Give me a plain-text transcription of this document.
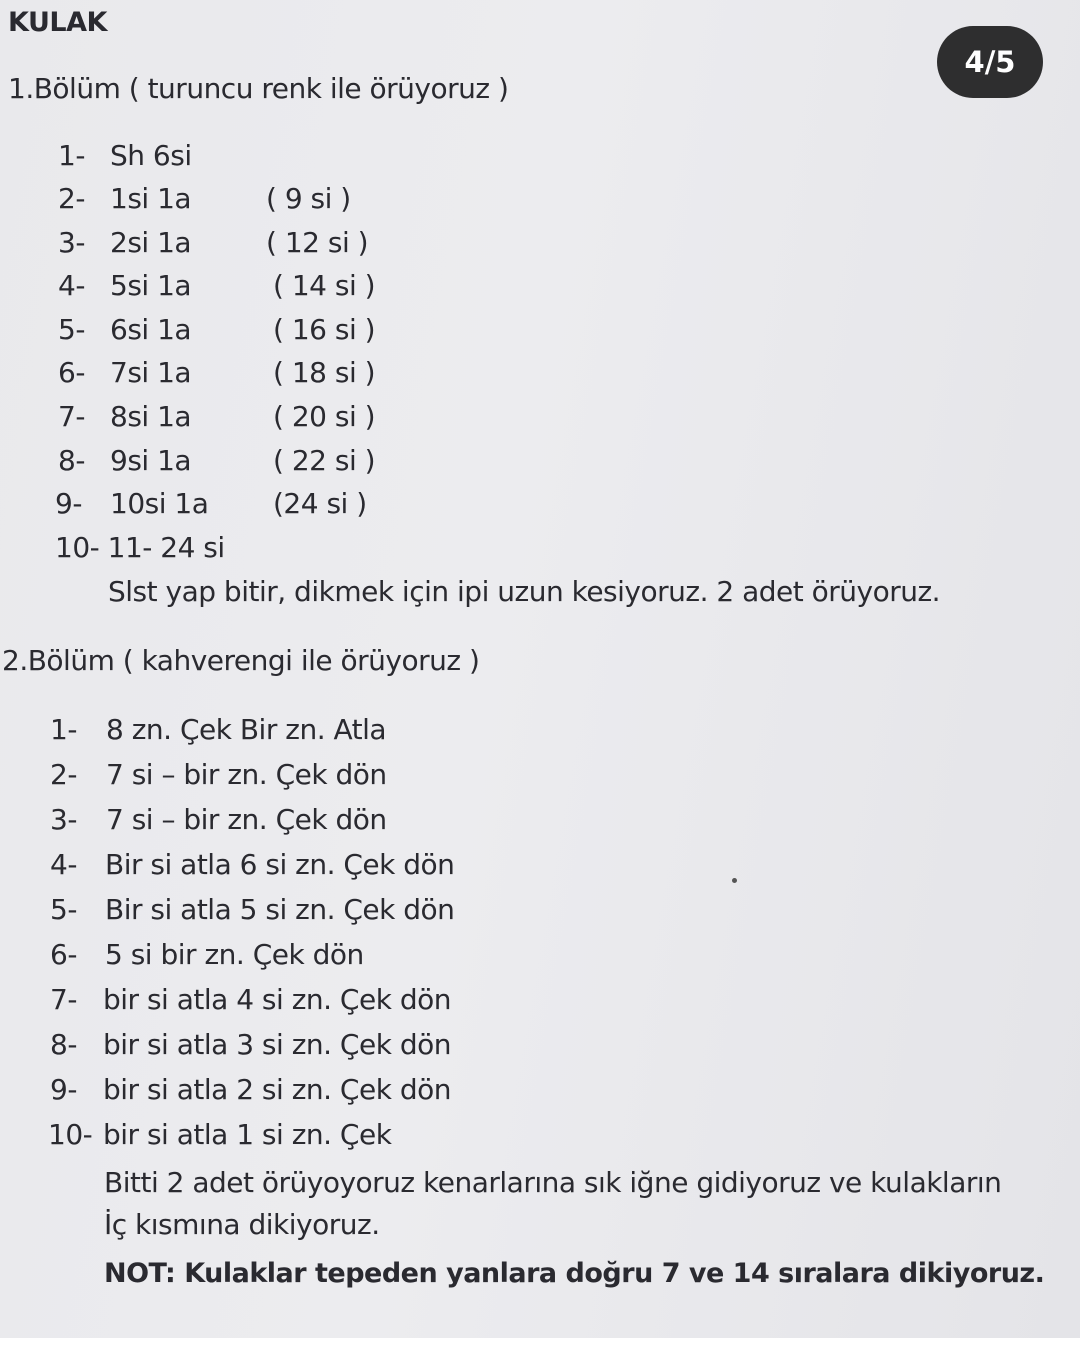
KULAK
1.Bölüm ( turuncu renk ile örüyoruz )
1- Sh 6si
2- 1si 1a	( 9 si )
3- 2si 1a	( 12 si )
4- 5si 1a	( 14 si )
5- 6si 1a	( 16 si )
6- 7si 1a	( 18 si )
7- 8si 1a	( 20 si )
8- 9si 1a	( 22 si )
9- 10si 1a (24 si )
10- 11- 24 si
Slst yap bitir, dikmek için ipi uzun kesiyoruz. 2 adet örüyoruz.
2.Bölüm ( kahverengi ile örüyoruz )
1- 8 zn. Çek Bir zn. Atla
2- 7 si – bir zn. Çek dön
3- 7 si – bir zn. Çek dön
4- Bir si atla 6 si zn. Çek dön
5- Bir si atla 5 si zn. Çek dön
6- 5 si bir zn. Çek dön
7- bir si atla 4 si zn. Çek dön
8- bir si atla 3 si zn. Çek dön
9- bir si atla 2 si zn. Çek dön
10- bir si atla 1 si zn. Çek
Bitti 2 adet örüyoyoruz kenarlarına sık iğne gidiyoruz ve kulakların
İç kısmına dikiyoruz.
NOT: Kulaklar tepeden yanlara doğru 7 ve 14 sıralara dikiyoruz.
4/5
